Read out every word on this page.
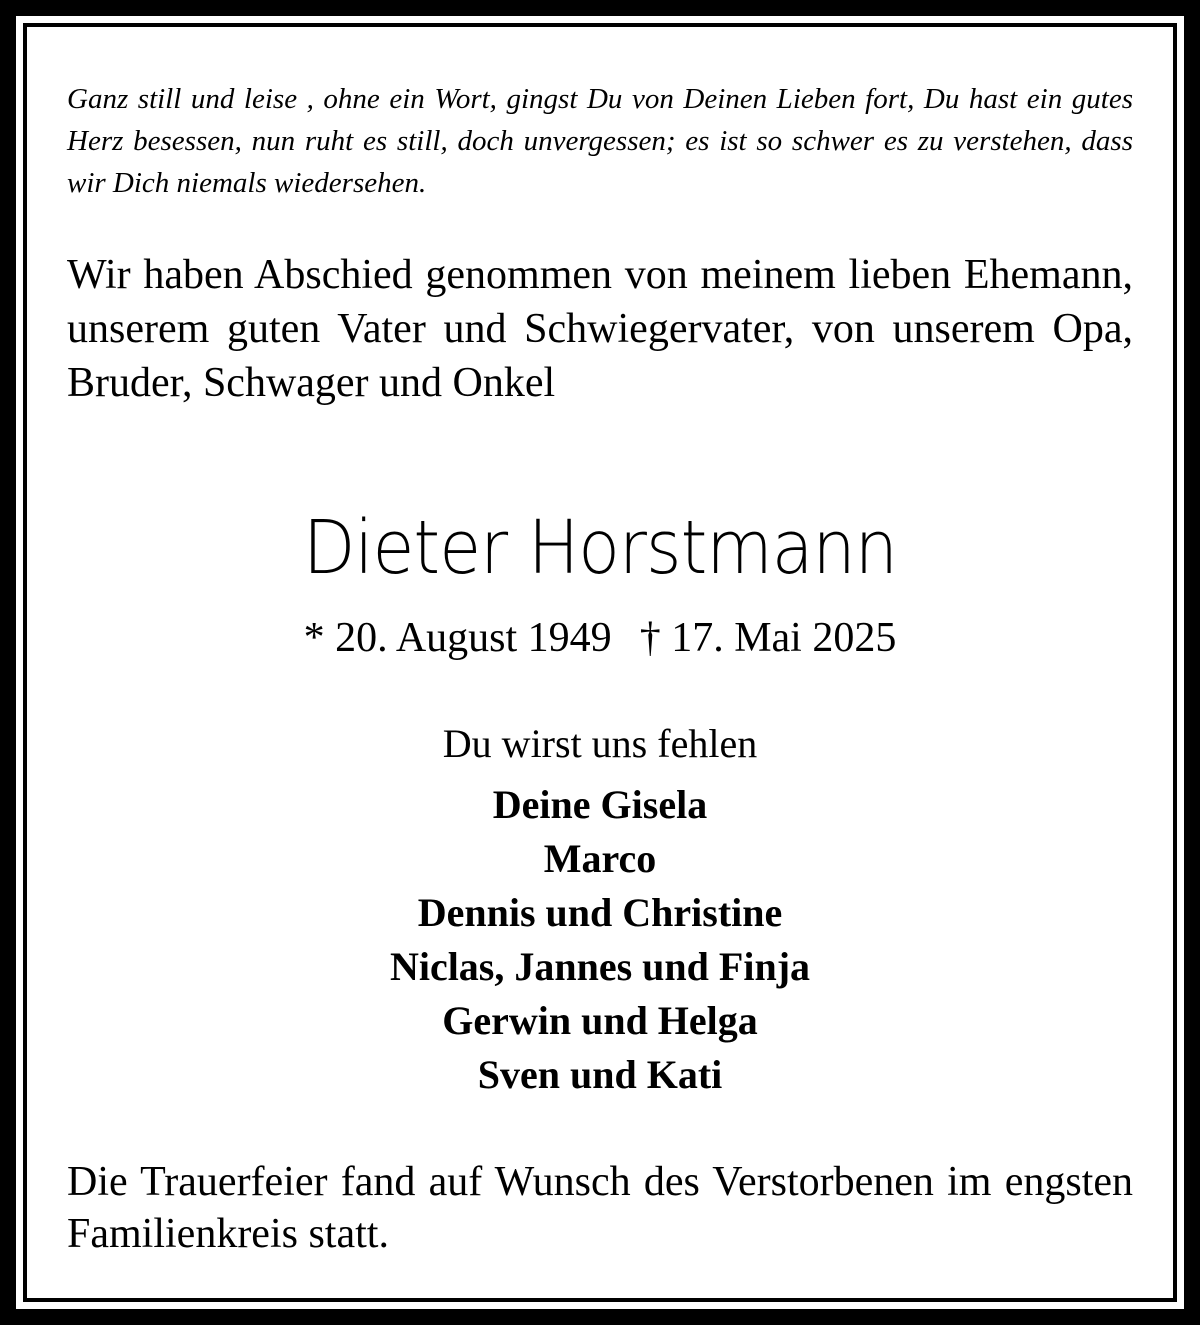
Ganz still und leise , ohne ein Wort, gingst Du von Deinen Lieben fort, Du hast ein gutes Herz besessen, nun ruht es still, doch unvergessen; es ist so schwer es zu verstehen, dass wir Dich niemals wiedersehen.

Wir haben Abschied genommen von meinem lieben Ehemann, unserem guten Vater und Schwiegervater, von unserem Opa, Bruder, Schwager und Onkel

Dieter Horstmann
* 20. August 1949 † 17. Mai 2025
Du wirst uns fehlen
Deine Gisela
Marco
Dennis und Christine
Niclas, Jannes und Finja
Gerwin und Helga
Sven und Kati

Die Trauerfeier fand auf Wunsch des Verstorbenen im engsten Familienkreis statt.
